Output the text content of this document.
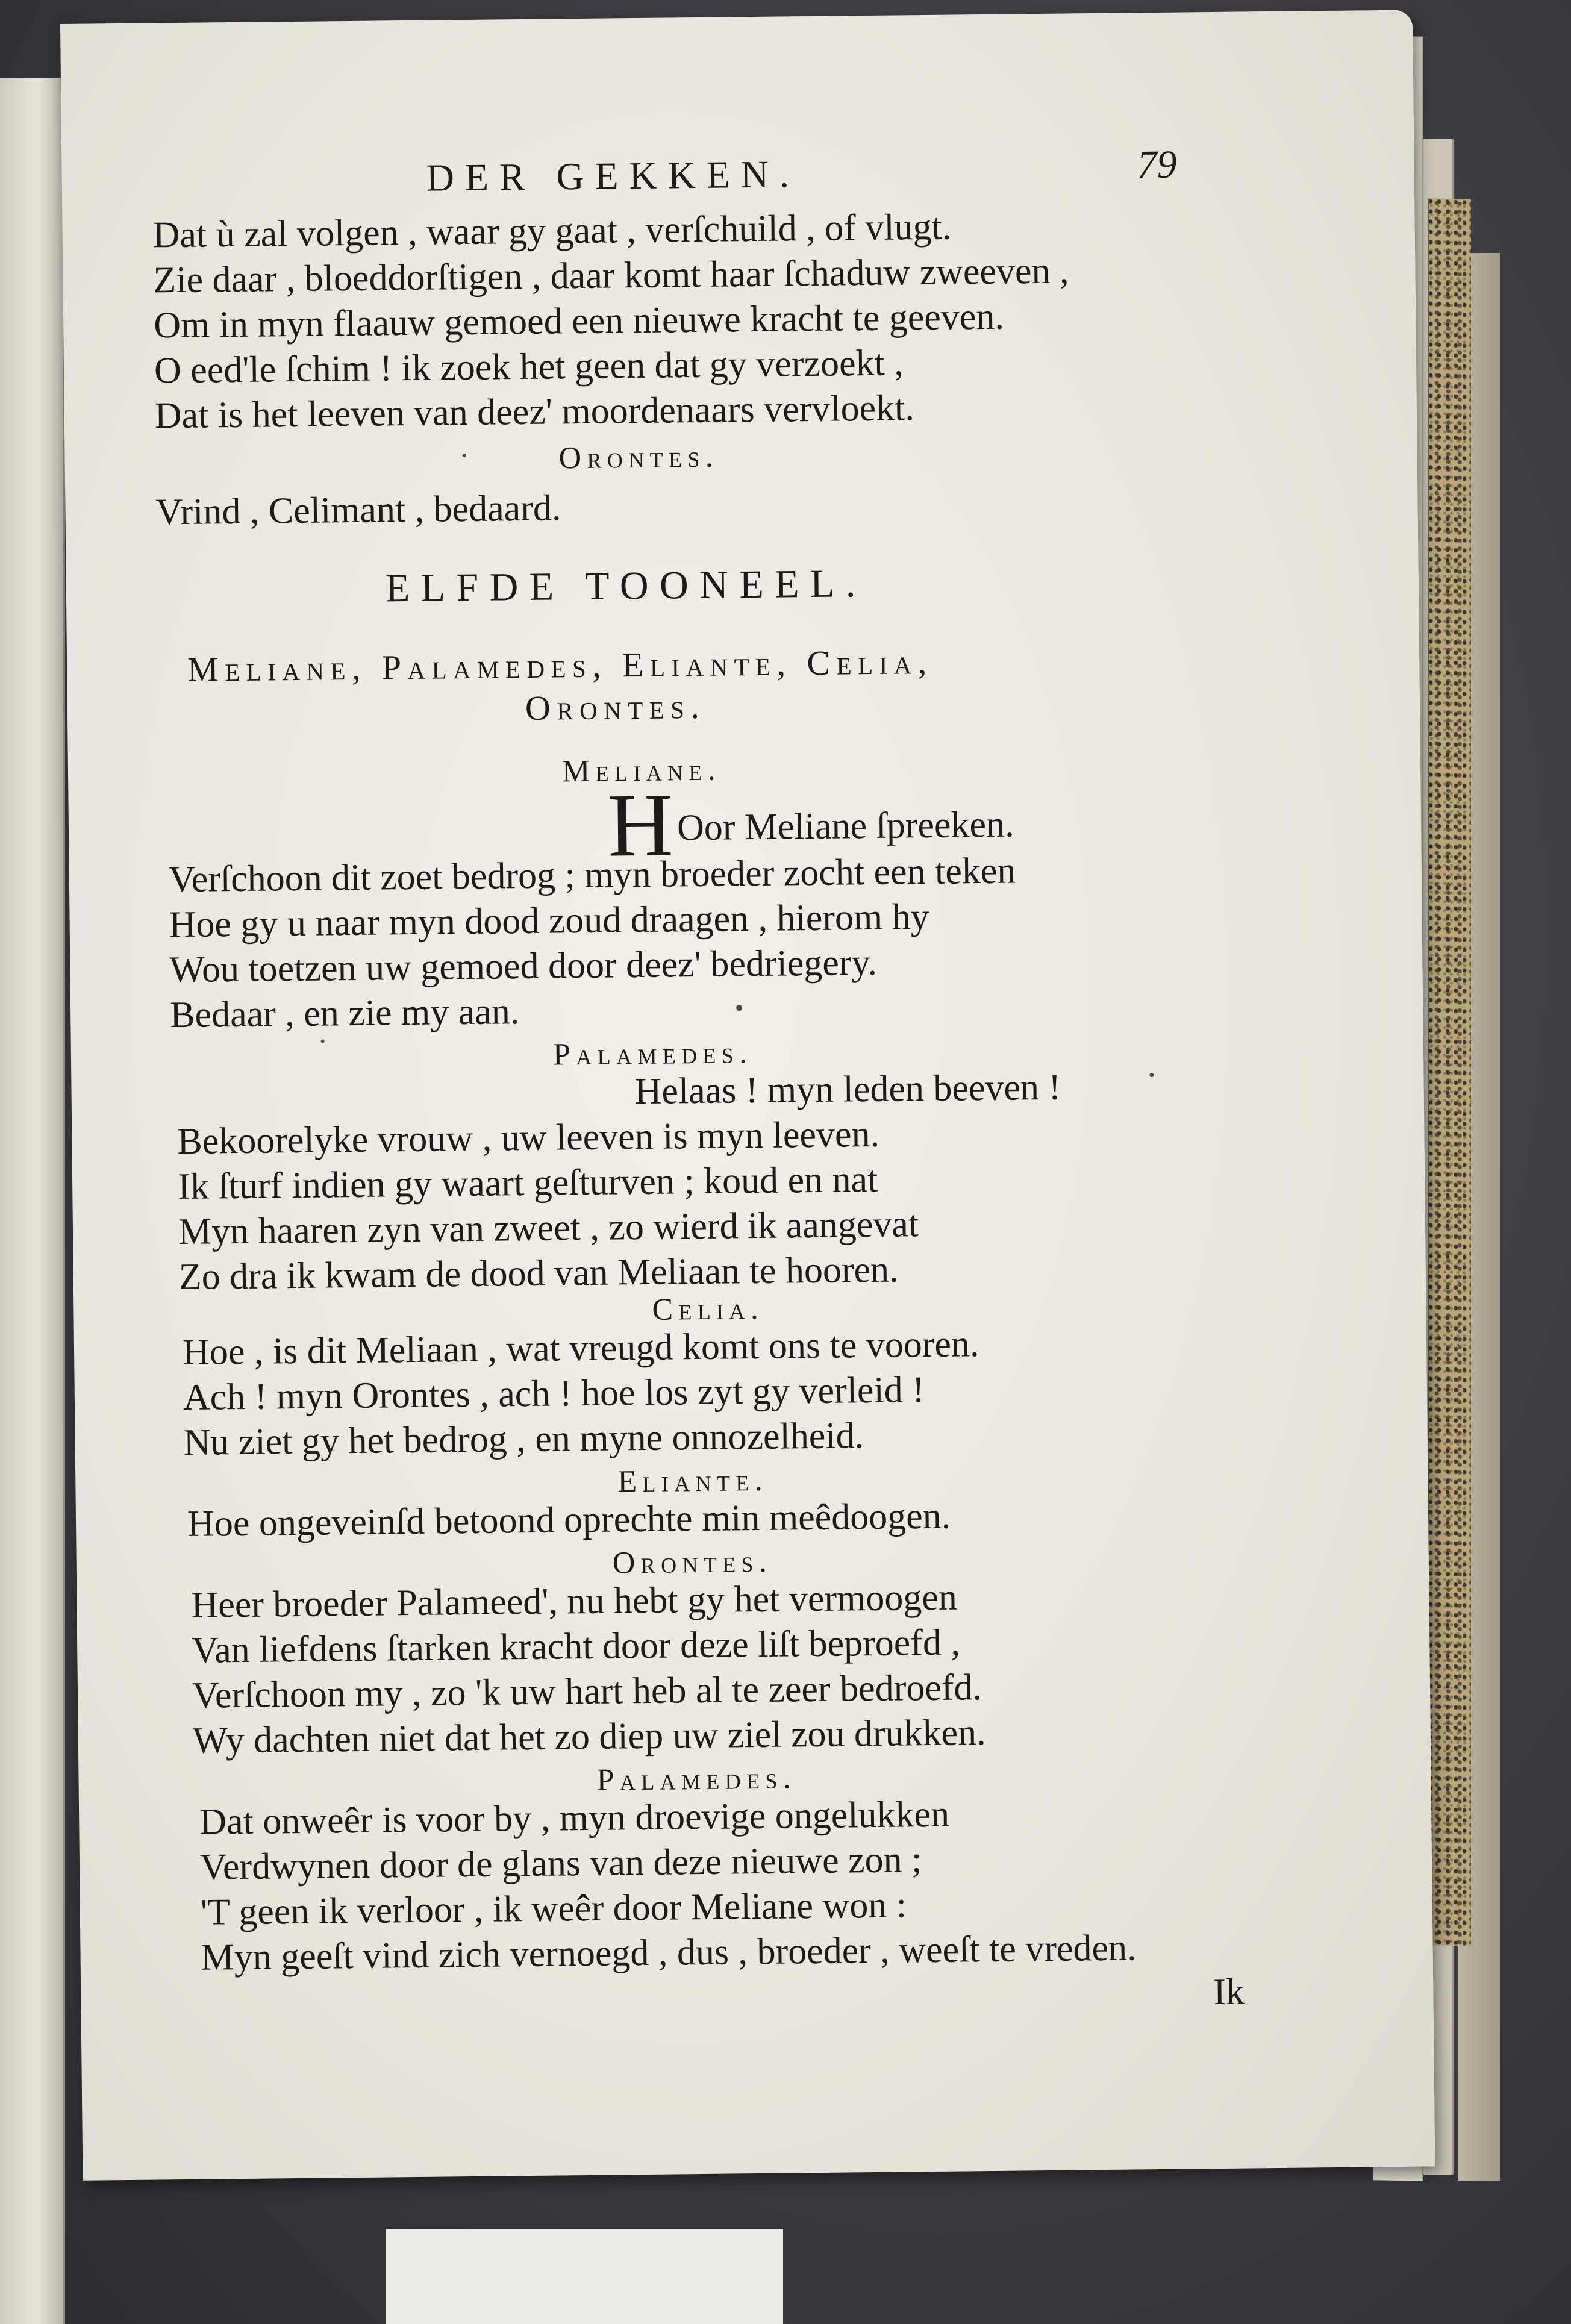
DER GEKKEN.	79
Dat ù zal volgen , waar gy gaat , verſchuild , of vlugt.
Zie daar , bloeddorſtigen , daar komt haar ſchaduw zweeven ,
Om in myn flaauw gemoed een nieuwe kracht te geeven.
O eed'le ſchim ! ik zoek het geen dat gy verzoekt ,
Dat is het leeven van deez' moordenaars vervloekt.
Orontes.
Vrind , Celimant , bedaard.
ELFDE TOONEEL.
Meliane, Palamedes, Eliante, Celia,
Orontes.
Meliane.
H Oor Meliane ſpreeken.
Verſchoon dit zoet bedrog ; myn broeder zocht een teken
Hoe gy u naar myn dood zoud draagen , hierom hy
Wou toetzen uw gemoed door deez' bedriegery.
Bedaar , en zie my aan.
Palamedes.
Helaas ! myn leden beeven !
Bekoorelyke vrouw , uw leeven is myn leeven.
Ik ſturf indien gy waart geſturven ; koud en nat
Myn haaren zyn van zweet , zo wierd ik aangevat
Zo dra ik kwam de dood van Meliaan te hooren.
Celia.
Hoe , is dit Meliaan , wat vreugd komt ons te vooren.
Ach ! myn Orontes , ach ! hoe los zyt gy verleid !
Nu ziet gy het bedrog , en myne onnozelheid.
Eliante.
Hoe ongeveinſd betoond oprechte min meêdoogen.
Orontes.
Heer broeder Palameed', nu hebt gy het vermoogen
Van liefdens ſtarken kracht door deze liſt beproefd ,
Verſchoon my , zo 'k uw hart heb al te zeer bedroefd.
Wy dachten niet dat het zo diep uw ziel zou drukken.
Palamedes.
Dat onweêr is voor by , myn droevige ongelukken
Verdwynen door de glans van deze nieuwe zon ;
'T geen ik verloor , ik weêr door Meliane won :
Myn geeſt vind zich vernoegd , dus , broeder , weeſt te vreden.
Ik
